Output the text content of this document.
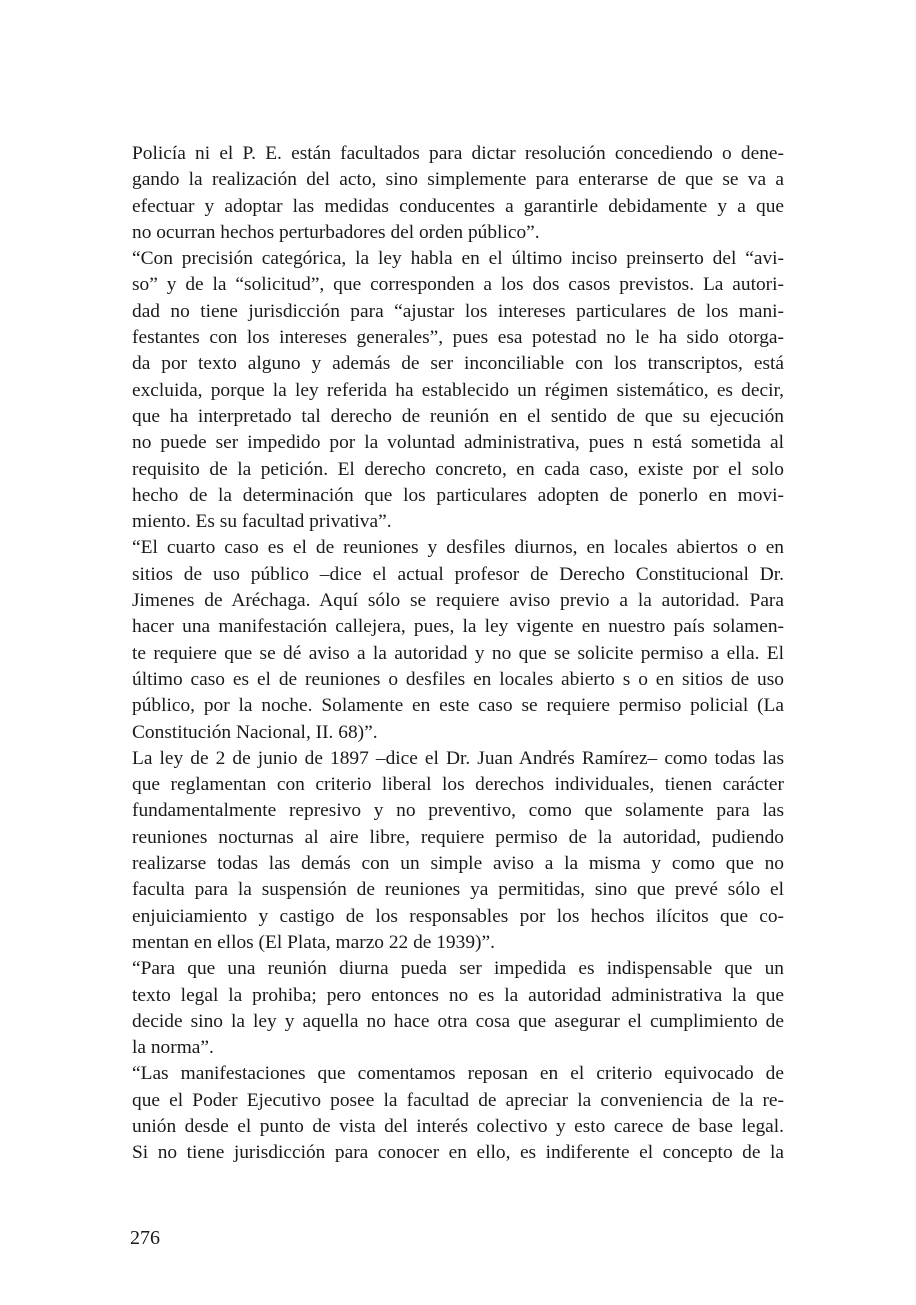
Policía ni el P. E. están facultados para dictar resolución concediendo o dene-
gando la realización del acto, sino simplemente para enterarse de que se va a
efectuar y adoptar las medidas conducentes a garantirle debidamente y a que
no ocurran hechos perturbadores del orden público”.
“Con precisión categórica, la ley habla en el último inciso preinserto del “avi-
so” y de la “solicitud”, que corresponden a los dos casos previstos. La autori-
dad no tiene jurisdicción para “ajustar los intereses particulares de los mani-
festantes con los intereses generales”, pues esa potestad no le ha sido otorga-
da por texto alguno y además de ser inconciliable con los transcriptos, está
excluida, porque la ley referida ha establecido un régimen sistemático, es decir,
que ha interpretado tal derecho de reunión en el sentido de que su ejecución
no puede ser impedido por la voluntad administrativa, pues n está sometida al
requisito de la petición. El derecho concreto, en cada caso, existe por el solo
hecho de la determinación que los particulares adopten de ponerlo en movi-
miento. Es su facultad privativa”.
“El cuarto caso es el de reuniones y desfiles diurnos, en locales abiertos o en
sitios de uso público –dice el actual profesor de Derecho Constitucional Dr.
Jimenes de Aréchaga. Aquí sólo se requiere aviso previo a la autoridad. Para
hacer una manifestación callejera, pues, la ley vigente en nuestro país solamen-
te requiere que se dé aviso a la autoridad y no que se solicite permiso a ella. El
último caso es el de reuniones o desfiles en locales abierto s o en sitios de uso
público, por la noche. Solamente en este caso se requiere permiso policial (La
Constitución Nacional, II. 68)”.
La ley de 2 de junio de 1897 –dice el Dr. Juan Andrés Ramírez– como todas las
que reglamentan con criterio liberal los derechos individuales, tienen carácter
fundamentalmente represivo y no preventivo, como que solamente para las
reuniones nocturnas al aire libre, requiere permiso de la autoridad, pudiendo
realizarse todas las demás con un simple aviso a la misma y como que no
faculta para la suspensión de reuniones ya permitidas, sino que prevé sólo el
enjuiciamiento y castigo de los responsables por los hechos ilícitos que co-
mentan en ellos (El Plata, marzo 22 de 1939)”.
“Para que una reunión diurna pueda ser impedida es indispensable que un
texto legal la prohiba; pero entonces no es la autoridad administrativa la que
decide sino la ley y aquella no hace otra cosa que asegurar el cumplimiento de
la norma”.
“Las manifestaciones que comentamos reposan en el criterio equivocado de
que el Poder Ejecutivo posee la facultad de apreciar la conveniencia de la re-
unión desde el punto de vista del interés colectivo y esto carece de base legal.
Si no tiene jurisdicción para conocer en ello, es indiferente el concepto de la
276
